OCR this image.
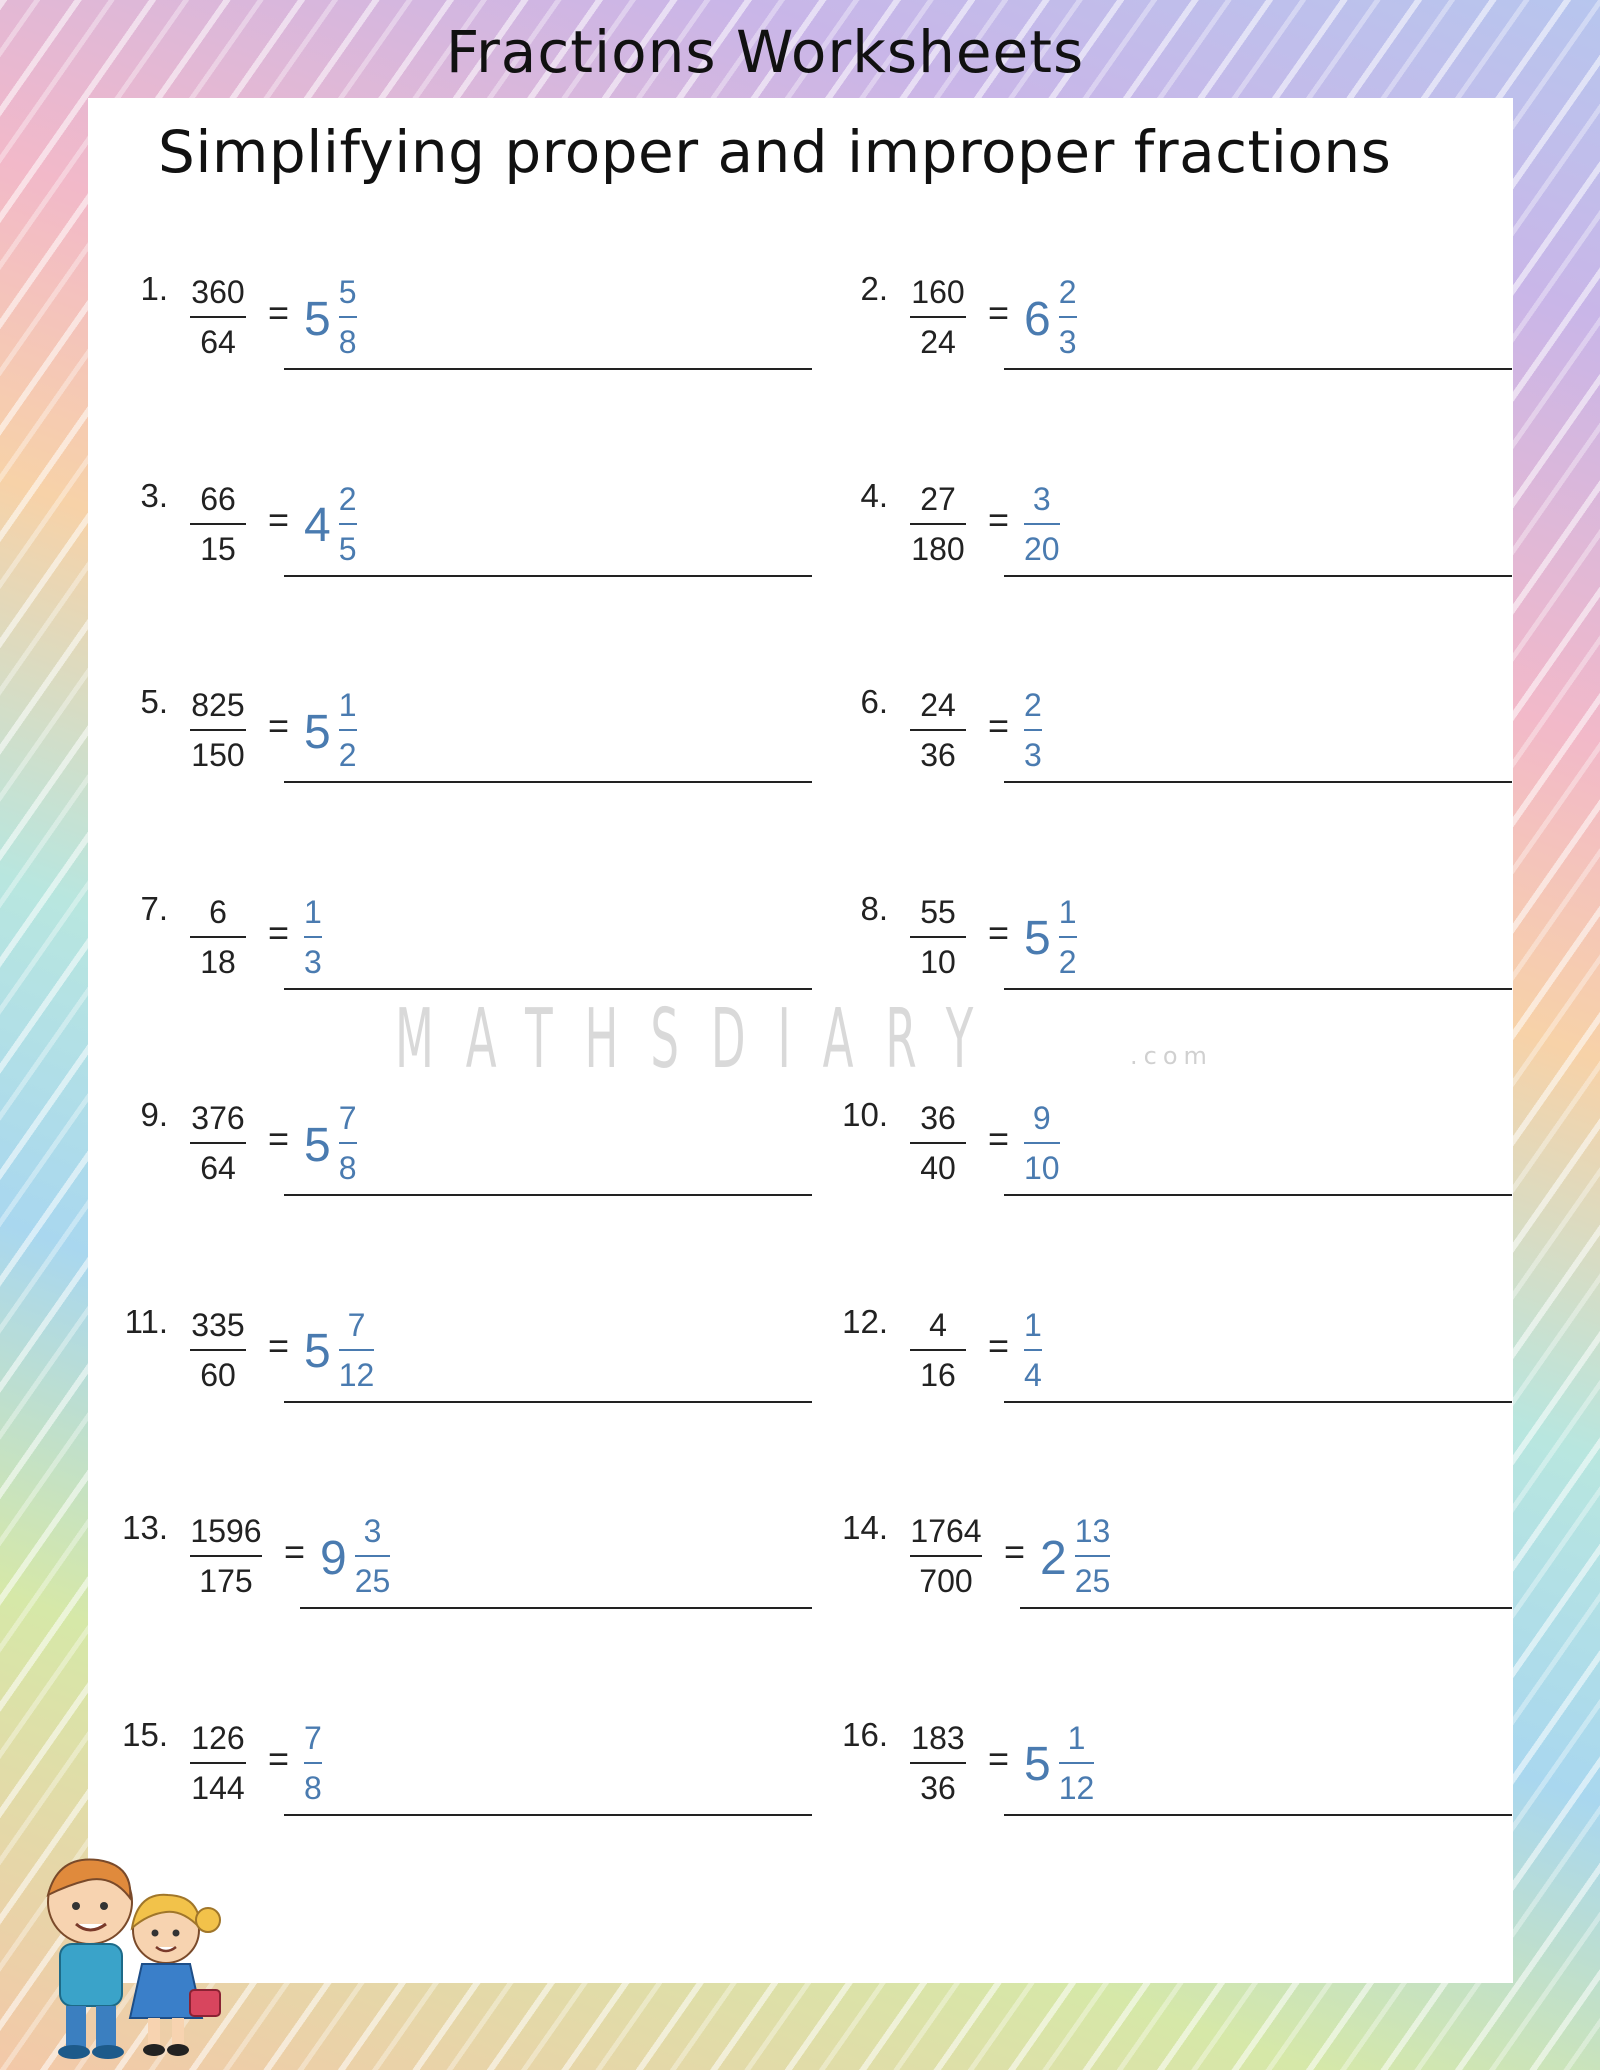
Fractions Worksheets
Simplifying proper and improper fractions
1. 360
64
= $5 \frac{5}{8}$	2. 160
24
= $6 \frac{2}{3}$
3. 66
15
= $4 \frac{2}{5}$	4. 27
180
= $\frac{3}{20}$
5. 825
150
= $5 \frac{1}{2}$	6. 24
36
= $\frac{2}{3}$
7. 6
18
= $\frac{1}{3}$	8. 55
10
= $5 \frac{1}{2}$
9. 376
64
= $5 \frac{7}{8}$	10. 36
40
= $\frac{9}{10}$
11. 335
60
= $5 \frac{7}{12}$	12. 4
16
= $\frac{1}{4}$
13. 1596
175
= $9 \frac{3}{25}$	14. 1764
700
= $2 \frac{13}{25}$
15. 126
144
= $\frac{7}{8}$	16. 183
36
= $5 \frac{1}{12}$
MATHSDIARY	.com
